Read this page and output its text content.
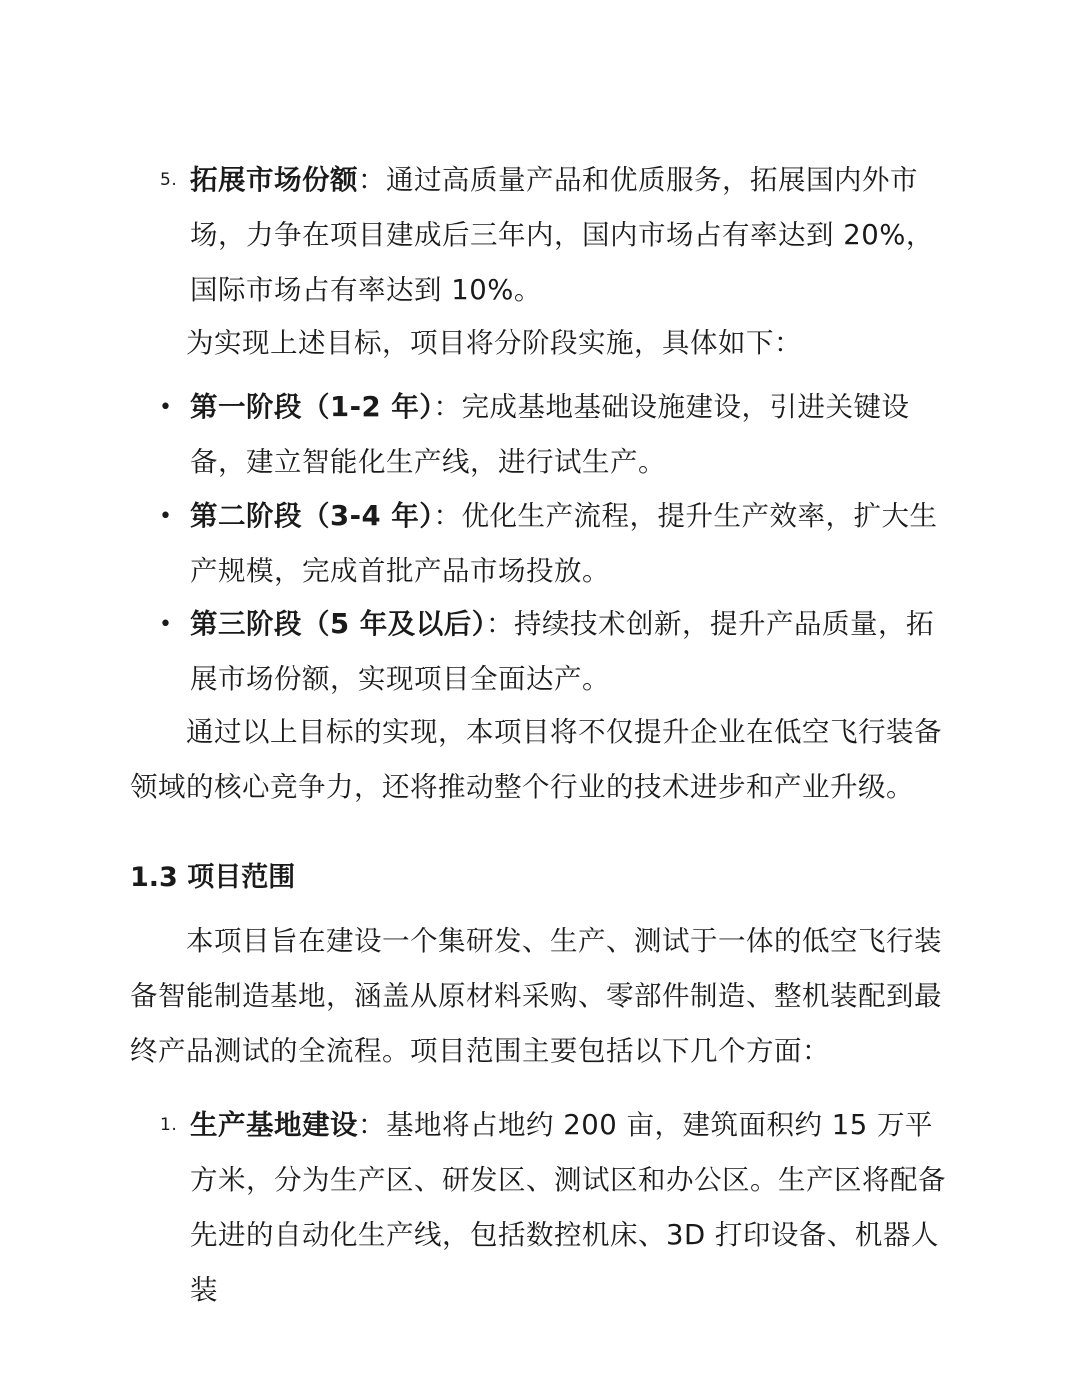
5. 拓展市场份额：通过高质量产品和优质服务，拓展国内外市场，力争在项目建成后三年内，国内市场占有率达到 20%，国际市场占有率达到 10%。
为实现上述目标，项目将分阶段实施，具体如下：
• 第一阶段（1-2 年）：完成基地基础设施建设，引进关键设备，建立智能化生产线，进行试生产。
• 第二阶段（3-4 年）：优化生产流程，提升生产效率，扩大生产规模，完成首批产品市场投放。
• 第三阶段（5 年及以后）：持续技术创新，提升产品质量，拓展市场份额，实现项目全面达产。
通过以上目标的实现，本项目将不仅提升企业在低空飞行装备领域的核心竞争力，还将推动整个行业的技术进步和产业升级。
1.3 项目范围
本项目旨在建设一个集研发、生产、测试于一体的低空飞行装备智能制造基地，涵盖从原材料采购、零部件制造、整机装配到最终产品测试的全流程。项目范围主要包括以下几个方面：
1. 生产基地建设：基地将占地约 200 亩，建筑面积约 15 万平方米，分为生产区、研发区、测试区和办公区。生产区将配备先进的自动化生产线，包括数控机床、3D 打印设备、机器人装
